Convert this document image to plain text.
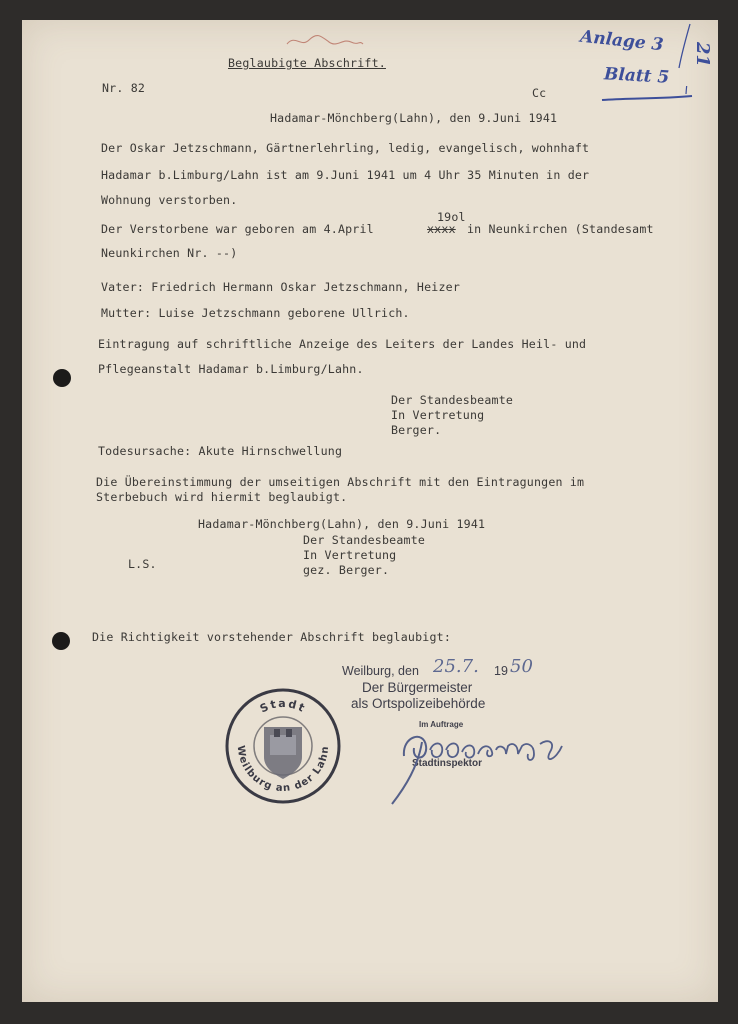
Anlage 3
Blatt 5
21
Beglaubigte Abschrift.
Nr. 82	Cc
Hadamar-Mönchberg(Lahn), den 9.Juni 1941
Der Oskar Jetzschmann, Gärtnerlehrling, ledig, evangelisch, wohnhaft
Hadamar b.Limburg/Lahn ist am 9.Juni 1941 um 4 Uhr 35 Minuten in der
Wohnung verstorben.
19ol
Der Verstorbene war geboren am 4.April	xxxx in Neunkirchen (Standesamt
Neunkirchen Nr. --)
Vater: Friedrich Hermann Oskar Jetzschmann, Heizer
Mutter: Luise Jetzschmann geborene Ullrich.
Eintragung auf schriftliche Anzeige des Leiters der Landes Heil- und
Pflegeanstalt Hadamar b.Limburg/Lahn.
Der Standesbeamte
In Vertretung
Berger.
Todesursache: Akute Hirnschwellung
Die Übereinstimmung der umseitigen Abschrift mit den Eintragungen im
Sterbebuch wird hiermit beglaubigt.
Hadamar-Mönchberg(Lahn), den 9.Juni 1941
Der Standesbeamte
In Vertretung
gez. Berger.
L.S.
Die Richtigkeit vorstehender Abschrift beglaubigt:
Weilburg, den 25.7. 19 50
Der Bürgermeister
als Ortspolizeibehörde
Im Auftrage
Stadtinspektor
Stadt
Weilburg an der Lahn
